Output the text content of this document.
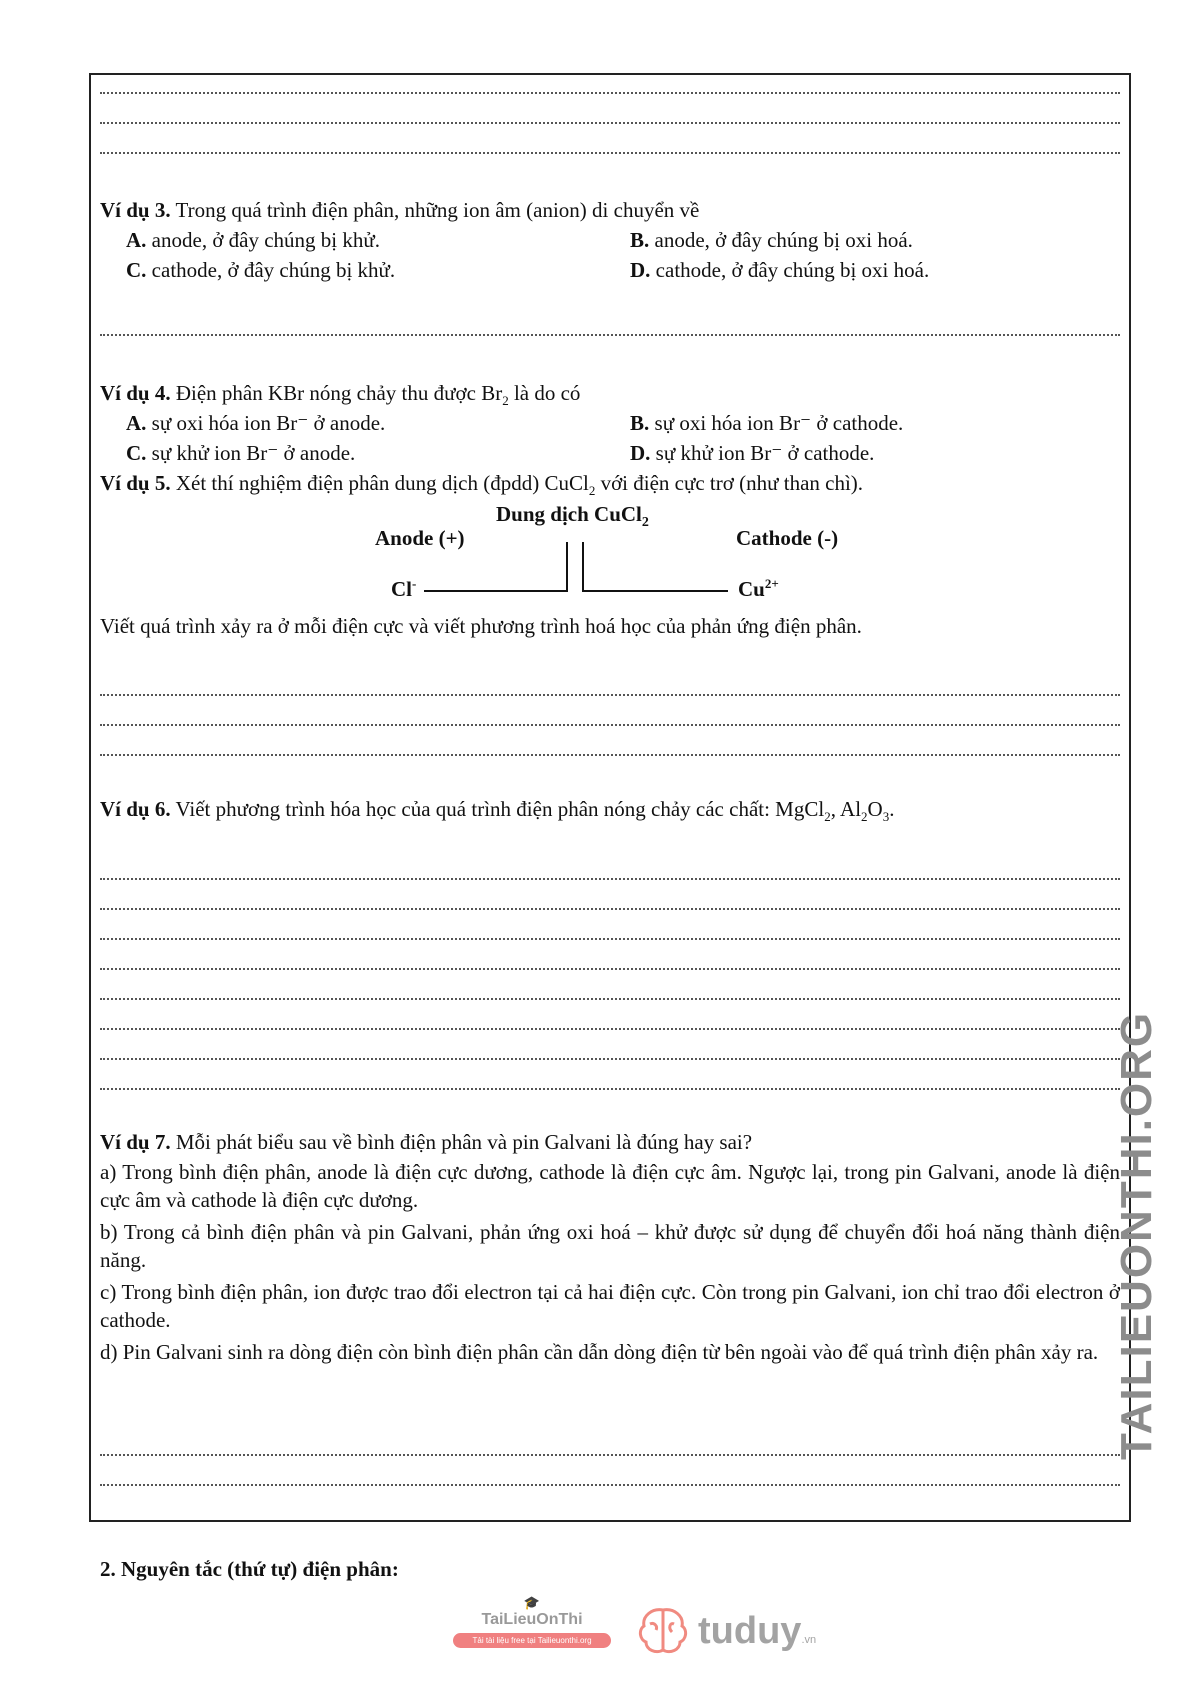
Ví dụ 3. Trong quá trình điện phân, những ion âm (anion) di chuyển về
A. anode, ở đây chúng bị khử.	B. anode, ở đây chúng bị oxi hoá.
C. cathode, ở đây chúng bị khử.	D. cathode, ở đây chúng bị oxi hoá.
Ví dụ 4. Điện phân KBr nóng chảy thu được $Br_2$ là do có
A. sự oxi hóa ion Br⁻ ở anode.	B. sự oxi hóa ion Br⁻ ở cathode.
C. sự khử ion Br⁻ ở anode.	D. sự khử ion Br⁻ ở cathode.
Ví dụ 5. Xét thí nghiệm điện phân dung dịch (đpdd) CuCl$_2$ với điện cực trơ (như than chì).
Dung dịch CuCl$_2$
Anode (+)	Cathode (-)
Cl-	$Cu^{2+}$
Viết quá trình xảy ra ở mỗi điện cực và viết phương trình hoá học của phản ứng điện phân.
Ví dụ 6. Viết phương trình hóa học của quá trình điện phân nóng chảy các chất: MgCl$_2$, $Al_2O_3$.
Ví dụ 7. Mỗi phát biểu sau về bình điện phân và pin Galvani là đúng hay sai?
a) Trong bình điện phân, anode là điện cực dương, cathode là điện cực âm. Ngược lại, trong pin Galvani, anode là điện cực âm và cathode là điện cực dương.
b) Trong cả bình điện phân và pin Galvani, phản ứng oxi hoá – khử được sử dụng để chuyển đổi hoá năng thành điện năng.
c) Trong bình điện phân, ion được trao đổi electron tại cả hai điện cực. Còn trong pin Galvani, ion chỉ trao đổi electron ở cathode.
d) Pin Galvani sinh ra dòng điện còn bình điện phân cần dẫn dòng điện từ bên ngoài vào để quá trình điện phân xảy ra.
2. Nguyên tắc (thứ tự) điện phân:
TAILIEUONTHI.ORG
🎓
TaiLieuOnThi
Tải tài liệu free tại Tailieuonthi.org	tuduy .vn
